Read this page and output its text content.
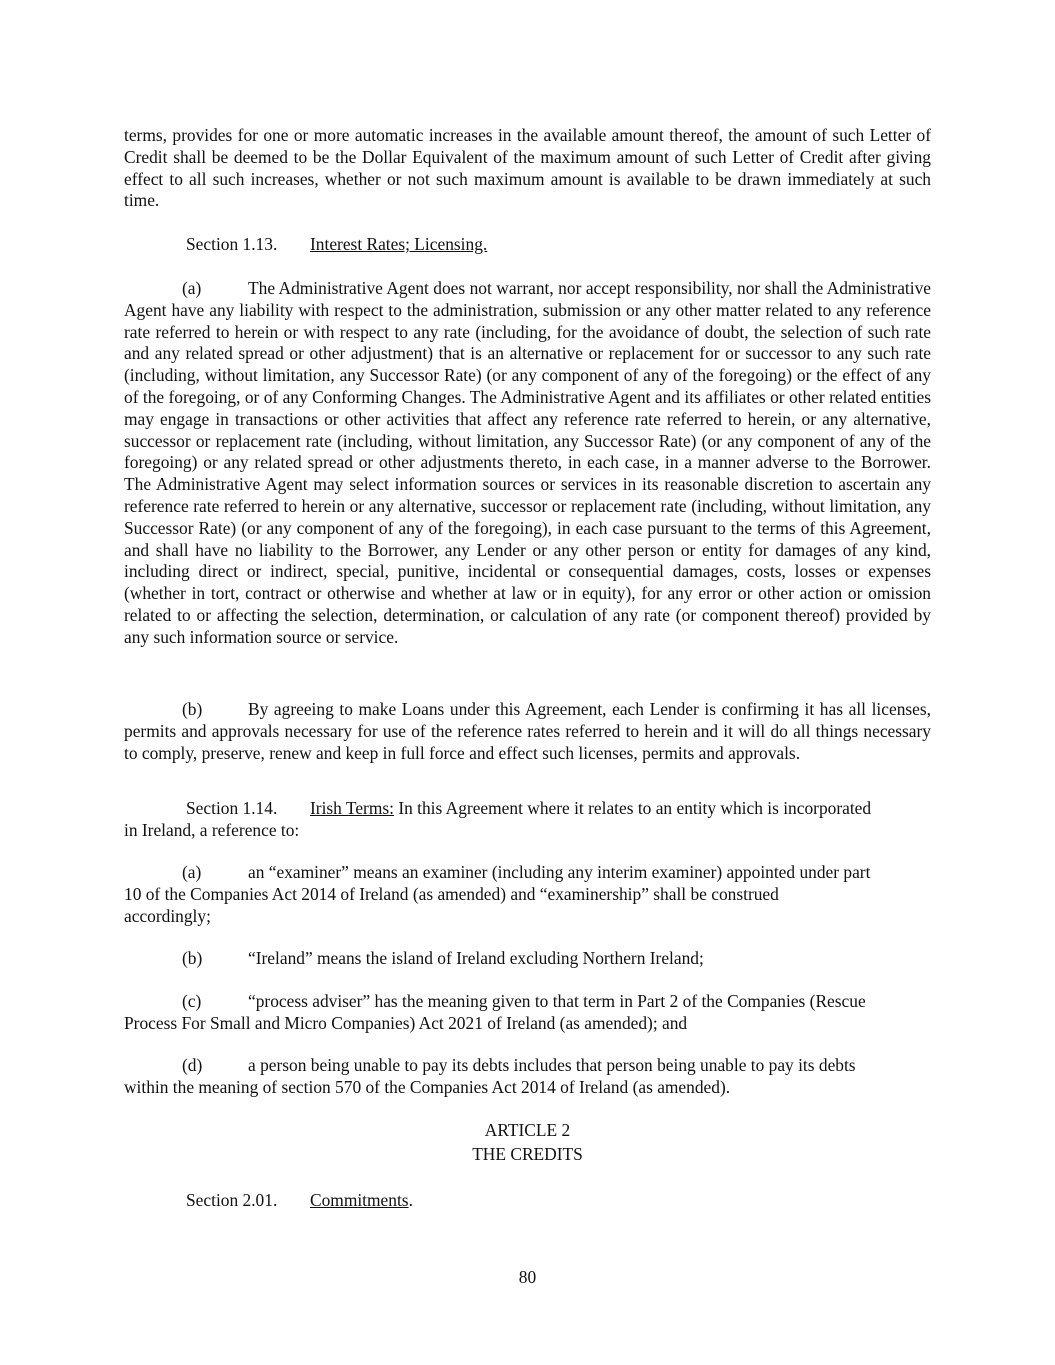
terms, provides for one or more automatic increases in the available amount thereof, the amount of such Letter of Credit shall be deemed to be the Dollar Equivalent of the maximum amount of such Letter of Credit after giving effect to all such increases, whether or not such maximum amount is available to be drawn immediately at such time.

Section 1.13. Interest Rates; Licensing.

(a)	The Administrative Agent does not warrant, nor accept responsibility, nor shall the Administrative Agent have any liability with respect to the administration, submission or any other matter related to any reference rate referred to herein or with respect to any rate (including, for the avoidance of doubt, the selection of such rate and any related spread or other adjustment) that is an alternative or replacement for or successor to any such rate (including, without limitation, any Successor Rate) (or any component of any of the foregoing) or the effect of any of the foregoing, or of any Conforming Changes. The Administrative Agent and its affiliates or other related entities may engage in transactions or other activities that affect any reference rate referred to herein, or any alternative, successor or replacement rate (including, without limitation, any Successor Rate) (or any component of any of the foregoing) or any related spread or other adjustments thereto, in each case, in a manner adverse to the Borrower. The Administrative Agent may select information sources or services in its reasonable discretion to ascertain any reference rate referred to herein or any alternative, successor or replacement rate (including, without limitation, any Successor Rate) (or any component of any of the foregoing), in each case pursuant to the terms of this Agreement, and shall have no liability to the Borrower, any Lender or any other person or entity for damages of any kind, including direct or indirect, special, punitive, incidental or consequential damages, costs, losses or expenses (whether in tort, contract or otherwise and whether at law or in equity), for any error or other action or omission related to or affecting the selection, determination, or calculation of any rate (or component thereof) provided by any such information source or service.

(b)	By agreeing to make Loans under this Agreement, each Lender is confirming it has all licenses, permits and approvals necessary for use of the reference rates referred to herein and it will do all things necessary to comply, preserve, renew and keep in full force and effect such licenses, permits and approvals.

Section 1.14. Irish Terms: In this Agreement where it relates to an entity which is incorporated
in Ireland, a reference to:
(a)	an “examiner” means an examiner (including any interim examiner) appointed under part
10 of the Companies Act 2014 of Ireland (as amended) and “examinership” shall be construed accordingly;
(b)	“Ireland” means the island of Ireland excluding Northern Ireland;
(c)	“process adviser” has the meaning given to that term in Part 2 of the Companies (Rescue
Process For Small and Micro Companies) Act 2021 of Ireland (as amended); and
(d)	a person being unable to pay its debts includes that person being unable to pay its debts
within the meaning of section 570 of the Companies Act 2014 of Ireland (as amended).
ARTICLE 2
THE CREDITS
Section 2.01. Commitments.
80
